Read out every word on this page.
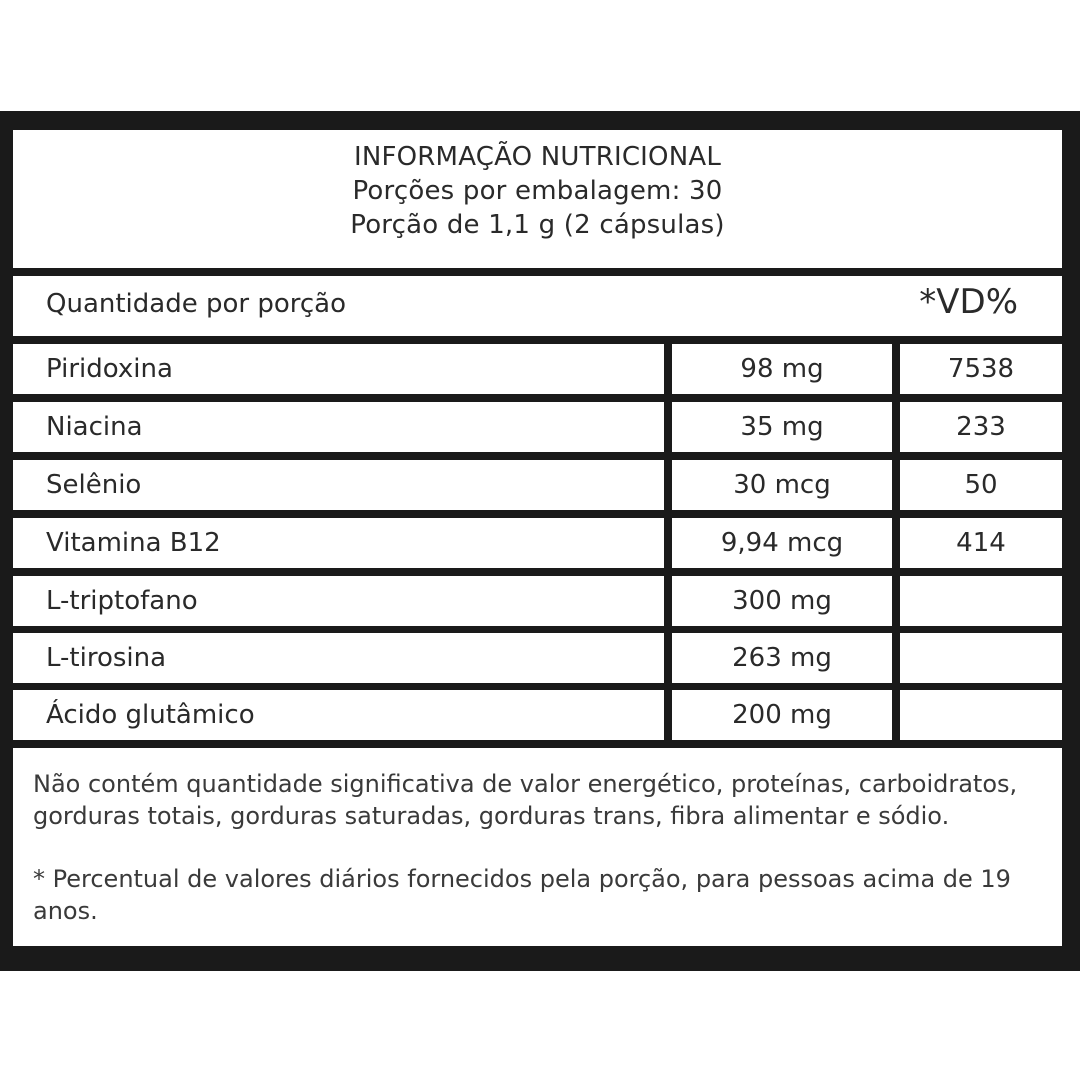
INFORMAÇÃO NUTRICIONAL
Porções por embalagem: 30
Porção de 1,1 g (2 cápsulas)
Quantidade por porção	*VD%
Piridoxina	98 mg	7538
Niacina	35 mg	233
Selênio	30 mcg	50
Vitamina B12	9,94 mcg	414
L-triptofano	300 mg
L-tirosina	263 mg
Ácido glutâmico	200 mg

Não contém quantidade significativa de valor energético, proteínas, carboidratos, gorduras totais, gorduras saturadas, gorduras trans, fibra alimentar e sódio.

* Percentual de valores diários fornecidos pela porção, para pessoas acima de 19 anos.
